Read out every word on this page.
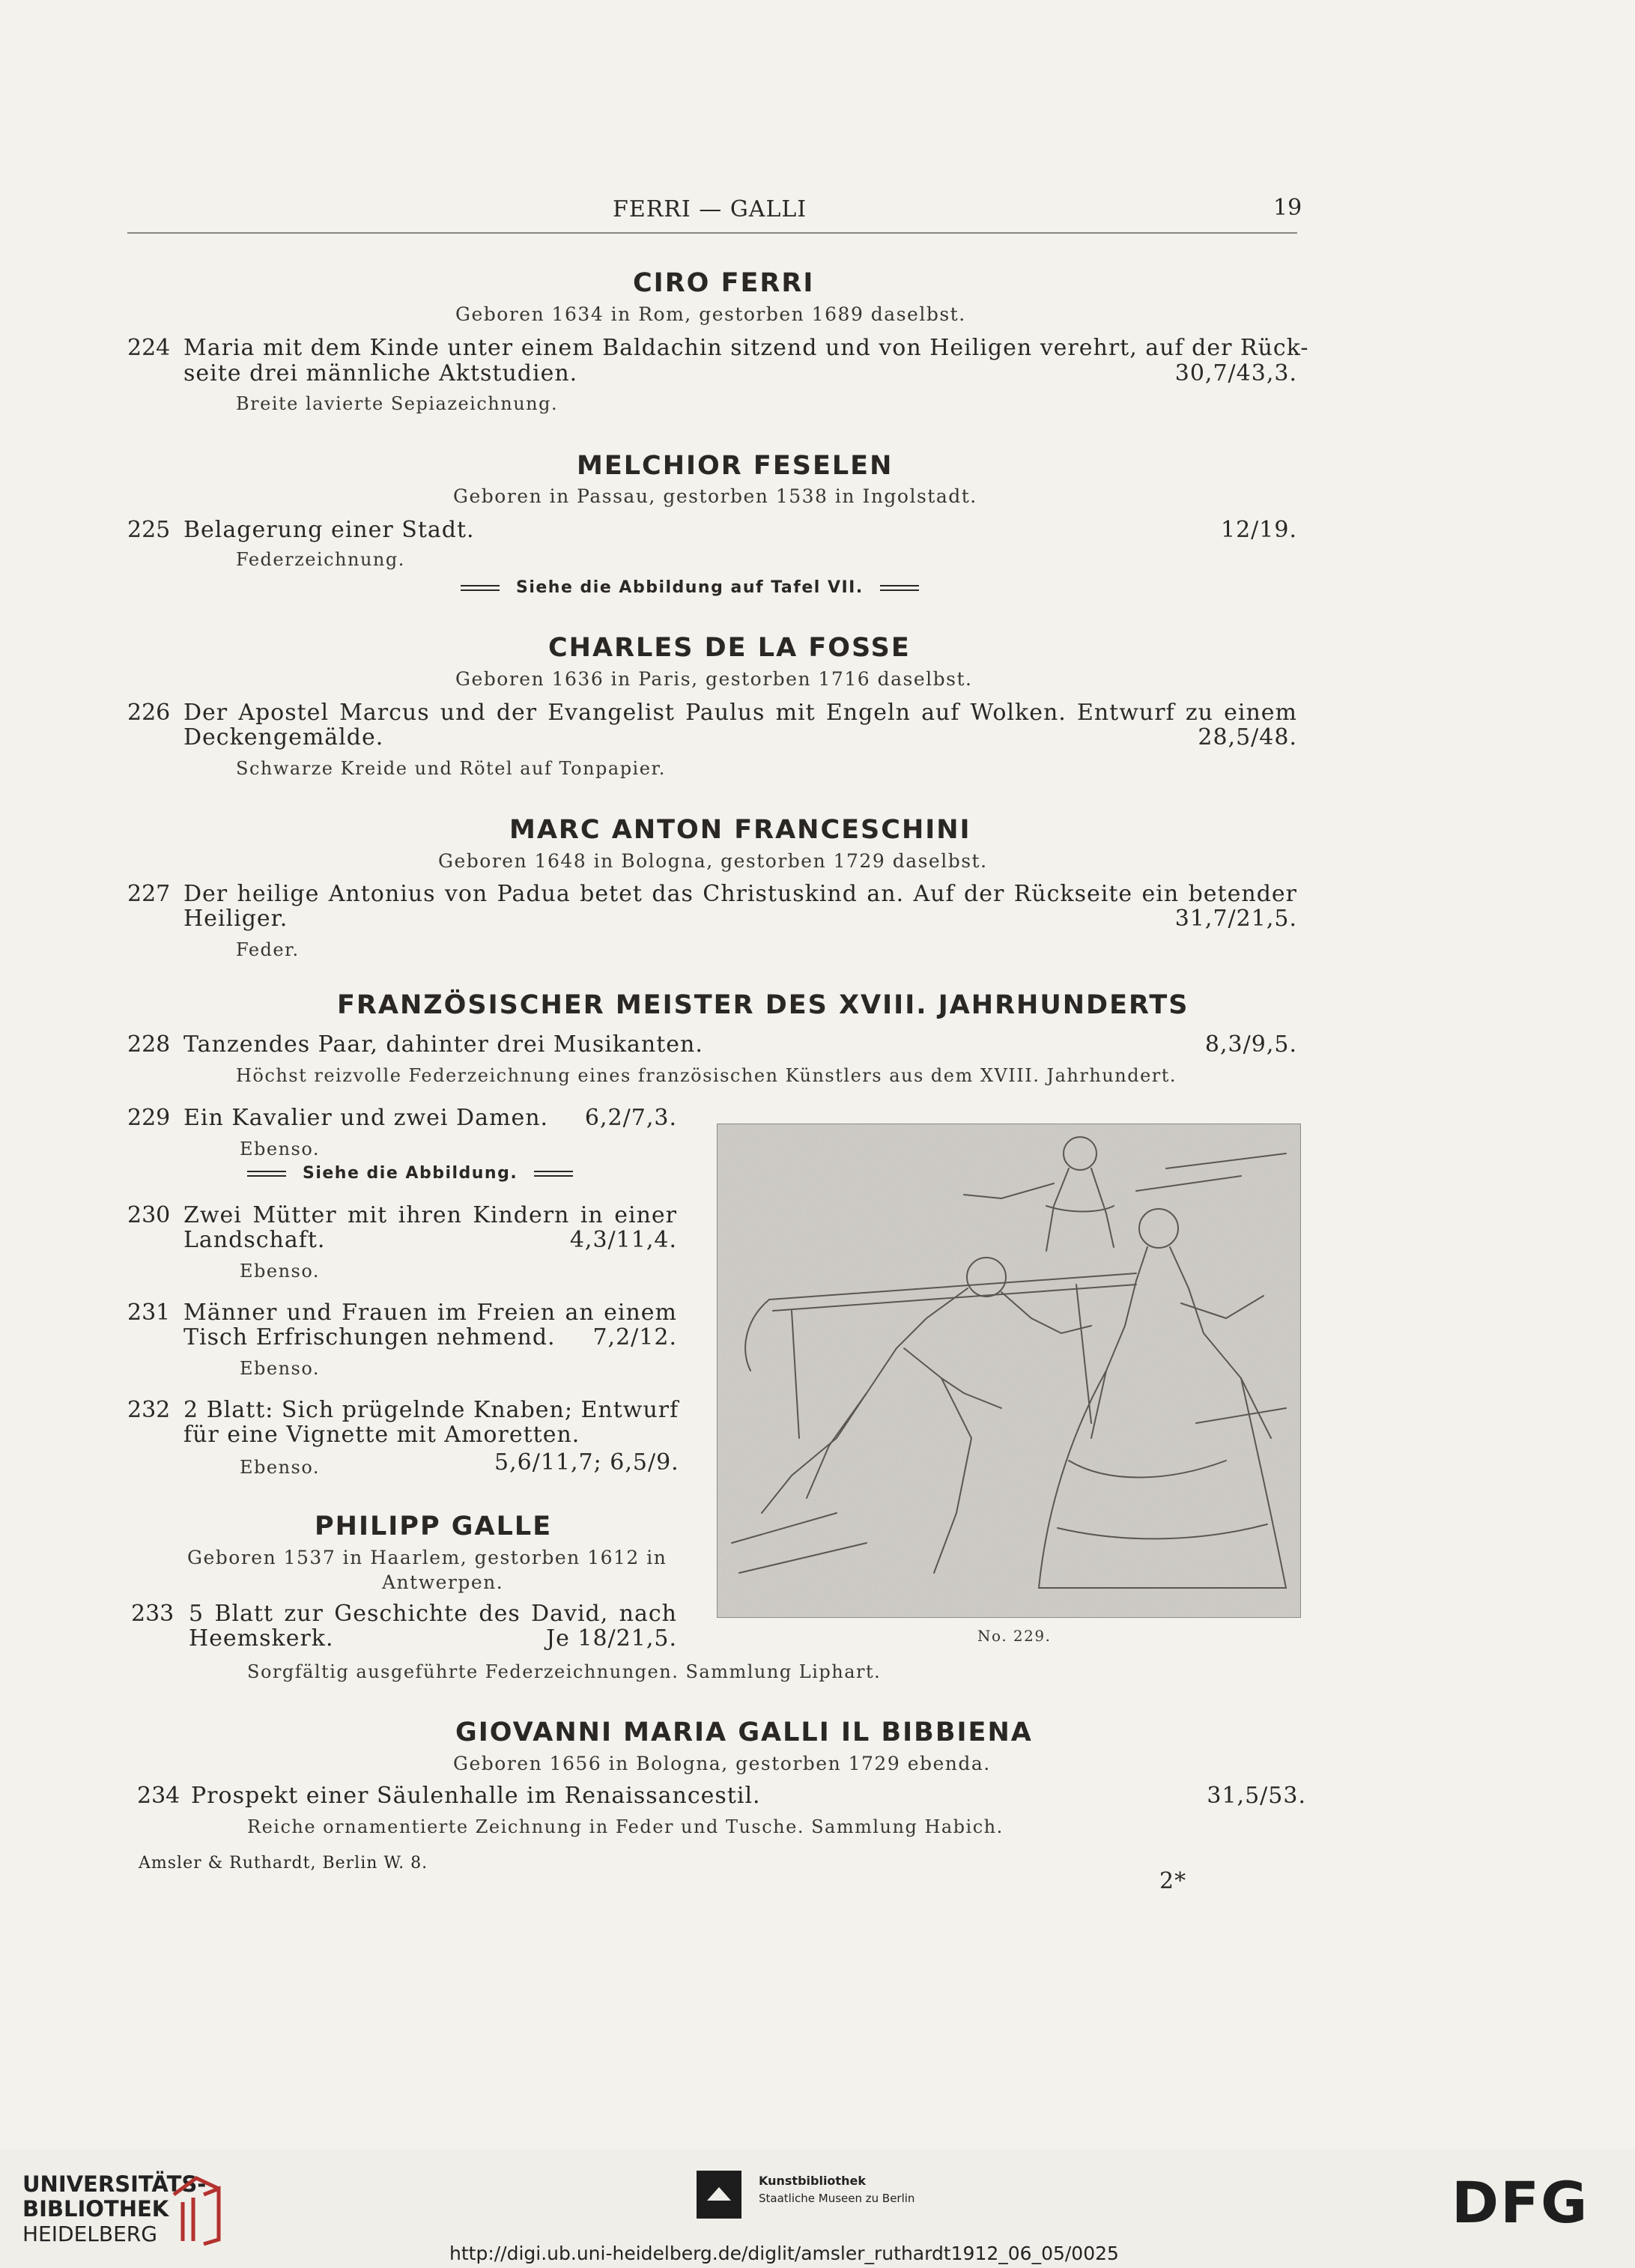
FERRI — GALLI	19
CIRO FERRI
Geboren 1634 in Rom, gestorben 1689 daselbst.
224 Maria mit dem Kinde unter einem Baldachin sitzend und von Heiligen verehrt, auf der Rück-
seite drei männliche Aktstudien.	30,7/43,3.
Breite lavierte Sepiazeichnung.
MELCHIOR FESELEN
Geboren in Passau, gestorben 1538 in Ingolstadt.
225 Belagerung einer Stadt.	12/19.
Federzeichnung.
Siehe die Abbildung auf Tafel VII.
CHARLES DE LA FOSSE
Geboren 1636 in Paris, gestorben 1716 daselbst.
226 Der Apostel Marcus und der Evangelist Paulus mit Engeln auf Wolken. Entwurf zu einem
Deckengemälde.	28,5/48.
Schwarze Kreide und Rötel auf Tonpapier.
MARC ANTON FRANCESCHINI
Geboren 1648 in Bologna, gestorben 1729 daselbst.
227 Der heilige Antonius von Padua betet das Christuskind an. Auf der Rückseite ein betender
Heiliger.	31,7/21,5.
Feder.
FRANZÖSISCHER MEISTER DES XVIII. JAHRHUNDERTS
228 Tanzendes Paar, dahinter drei Musikanten.	8,3/9,5.
Höchst reizvolle Federzeichnung eines französischen Künstlers aus dem XVIII. Jahrhundert.
229 Ein Kavalier und zwei Damen.	6,2/7,3.
Ebenso.
Siehe die Abbildung.
230 Zwei Mütter mit ihren Kindern in einer
Landschaft.	4,3/11,4.
Ebenso.
231 Männer und Frauen im Freien an einem
Tisch Erfrischungen nehmend.	7,2/12.
Ebenso.
232 2 Blatt: Sich prügelnde Knaben; Entwurf
für eine Vignette mit Amoretten.
Ebenso.	5,6/11,7; 6,5/9.
PHILIPP GALLE
Geboren 1537 in Haarlem, gestorben 1612 in
Antwerpen.
233 5 Blatt zur Geschichte des David, nach
Heemskerk.	Je 18/21,5.
Sorgfältig ausgeführte Federzeichnungen. Sammlung Liphart.
No. 229.
GIOVANNI MARIA GALLI IL BIBBIENA
Geboren 1656 in Bologna, gestorben 1729 ebenda.
234 Prospekt einer Säulenhalle im Renaissancestil.	31,5/53.
Reiche ornamentierte Zeichnung in Feder und Tusche. Sammlung Habich.
Amsler & Ruthardt, Berlin W. 8.
2*
UNIVERSITÄTS-
BIBLIOTHEK
HEIDELBERG
Kunstbibliothek
Staatliche Museen zu Berlin	DFG
http://digi.ub.uni-heidelberg.de/diglit/amsler_ruthardt1912_06_05/0025
